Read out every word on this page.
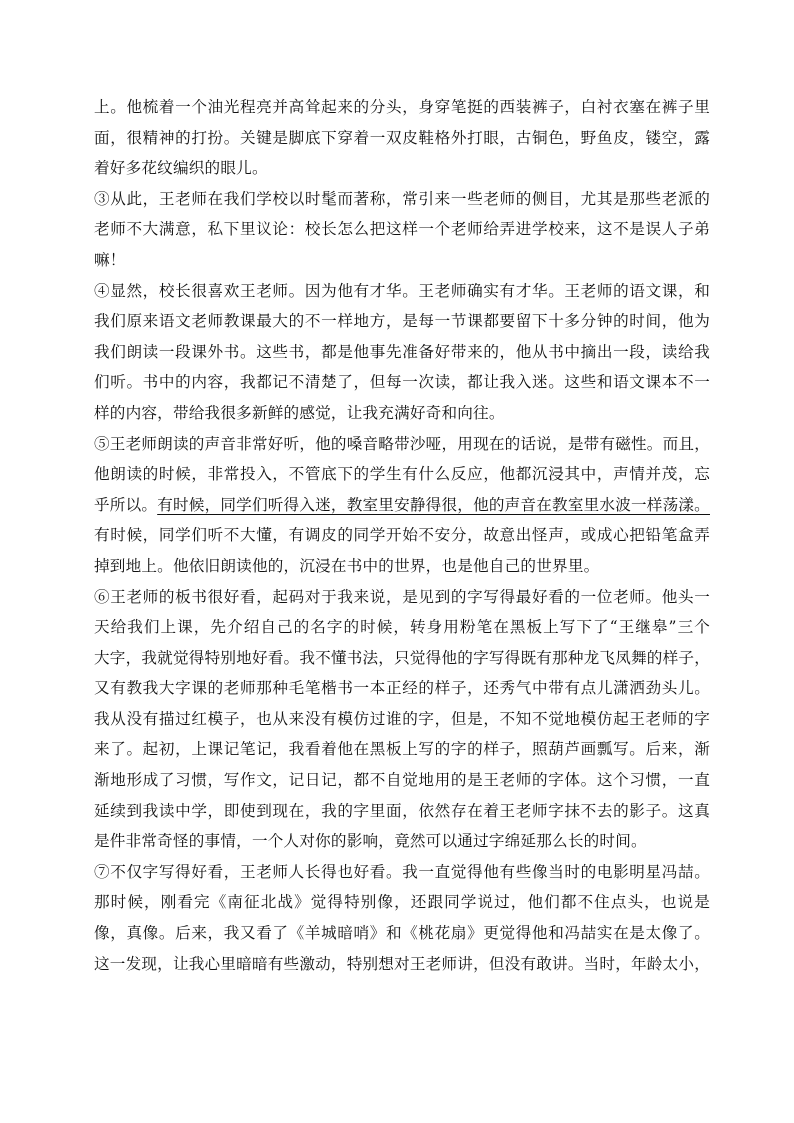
上。他梳着一个油光程亮并高耸起来的分头，身穿笔挺的西装裤子，白衬衣塞在裤子里
面，很精神的打扮。关键是脚底下穿着一双皮鞋格外打眼，古铜色，野鱼皮，镂空，露
着好多花纹编织的眼儿。
③从此，王老师在我们学校以时髦而著称，常引来一些老师的侧目，尤其是那些老派的
老师不大满意，私下里议论：校长怎么把这样一个老师给弄进学校来，这不是误人子弟
嘛！
④显然，校长很喜欢王老师。因为他有才华。王老师确实有才华。王老师的语文课，和
我们原来语文老师教课最大的不一样地方，是每一节课都要留下十多分钟的时间，他为
我们朗读一段课外书。这些书，都是他事先准备好带来的，他从书中摘出一段，读给我
们听。书中的内容，我都记不清楚了，但每一次读，都让我入迷。这些和语文课本不一
样的内容，带给我很多新鲜的感觉，让我充满好奇和向往。
⑤王老师朗读的声音非常好听，他的嗓音略带沙哑，用现在的话说，是带有磁性。而且，
他朗读的时候，非常投入，不管底下的学生有什么反应，他都沉浸其中，声情并茂，忘
乎所以。有时候，同学们听得入迷，教室里安静得很，他的声音在教室里水波一样荡漾。
有时候，同学们听不大懂，有调皮的同学开始不安分，故意出怪声，或成心把铅笔盒弄
掉到地上。他依旧朗读他的，沉浸在书中的世界，也是他自己的世界里。
⑥王老师的板书很好看，起码对于我来说，是见到的字写得最好看的一位老师。他头一
天给我们上课，先介绍自己的名字的时候，转身用粉笔在黑板上写下了“王继皋”三个
大字，我就觉得特别地好看。我不懂书法，只觉得他的字写得既有那种龙飞凤舞的样子，
又有教我大字课的老师那种毛笔楷书一本正经的样子，还秀气中带有点儿潇洒劲头儿。
我从没有描过红模子，也从来没有模仿过谁的字，但是，不知不觉地模仿起王老师的字
来了。起初，上课记笔记，我看着他在黑板上写的字的样子，照葫芦画瓢写。后来，渐
渐地形成了习惯，写作文，记日记，都不自觉地用的是王老师的字体。这个习惯，一直
延续到我读中学，即使到现在，我的字里面，依然存在着王老师字抹不去的影子。这真
是件非常奇怪的事情，一个人对你的影响，竟然可以通过字绵延那么长的时间。
⑦不仅字写得好看，王老师人长得也好看。我一直觉得他有些像当时的电影明星冯喆。
那时候，刚看完《南征北战》觉得特别像，还跟同学说过，他们都不住点头，也说是
像，真像。后来，我又看了《羊城暗哨》和《桃花扇》更觉得他和冯喆实在是太像了。
这一发现，让我心里暗暗有些激动，特别想对王老师讲，但没有敢讲。当时，年龄太小，
